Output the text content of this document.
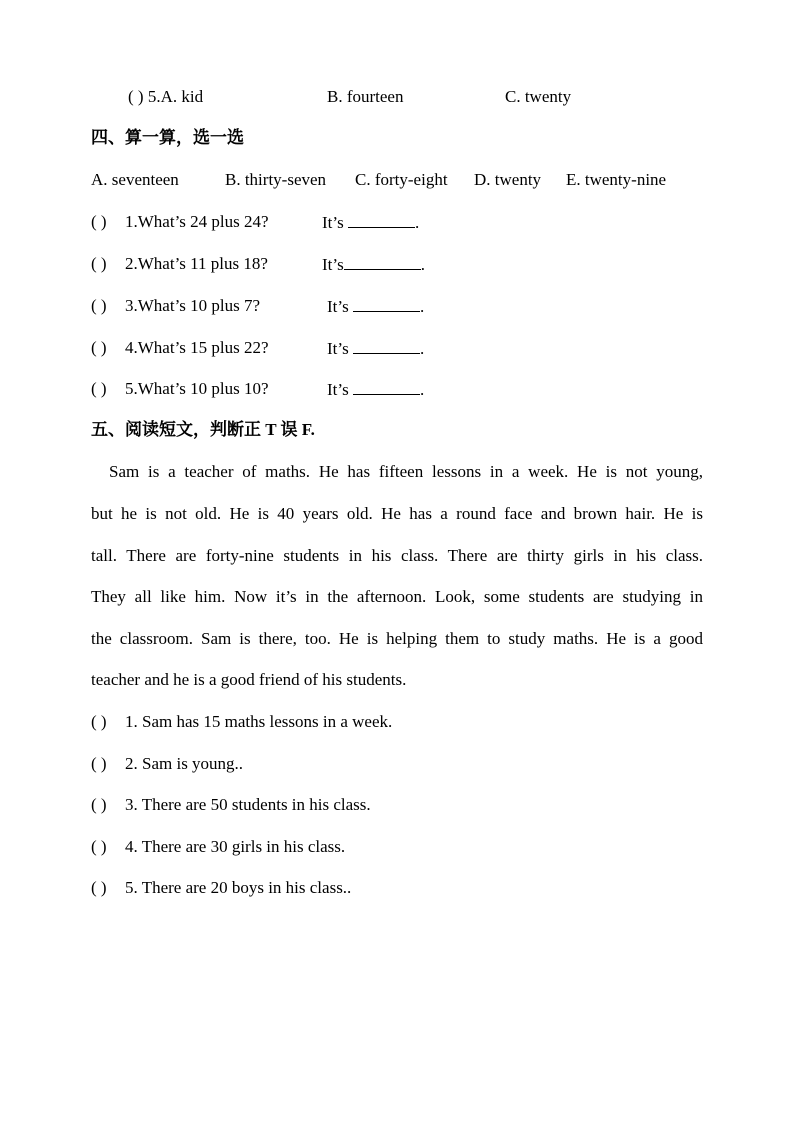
( ) 5.A. kid	B. fourteen	C. twenty
四、算一算，选一选
A. seventeen	B. thirty-seven C. forty-eight D. twenty E. twenty-nine
( ) 1.What’s 24 plus 24?	It’s	.
( ) 2.What’s 11 plus 18?	It’s	.
( ) 3.What’s 10 plus 7?	It’s	.
( ) 4.What’s 15 plus 22?	It’s	.
( ) 5.What’s 10 plus 10?	It’s	.
五、阅读短文，判断正 T 误 F.
Sam is a teacher of maths. He has fifteen lessons in a week. He is not young,
but he is not old. He is 40 years old. He has a round face and brown hair. He is
tall. There are forty-nine students in his class. There are thirty girls in his class.
They all like him. Now it’s in the afternoon. Look, some students are studying in
the classroom. Sam is there, too. He is helping them to study maths. He is a good
teacher and he is a good friend of his students.
( ) 1. Sam has 15 maths lessons in a week.
( ) 2. Sam is young..
( ) 3. There are 50 students in his class.
( ) 4. There are 30 girls in his class.
( ) 5. There are 20 boys in his class..
